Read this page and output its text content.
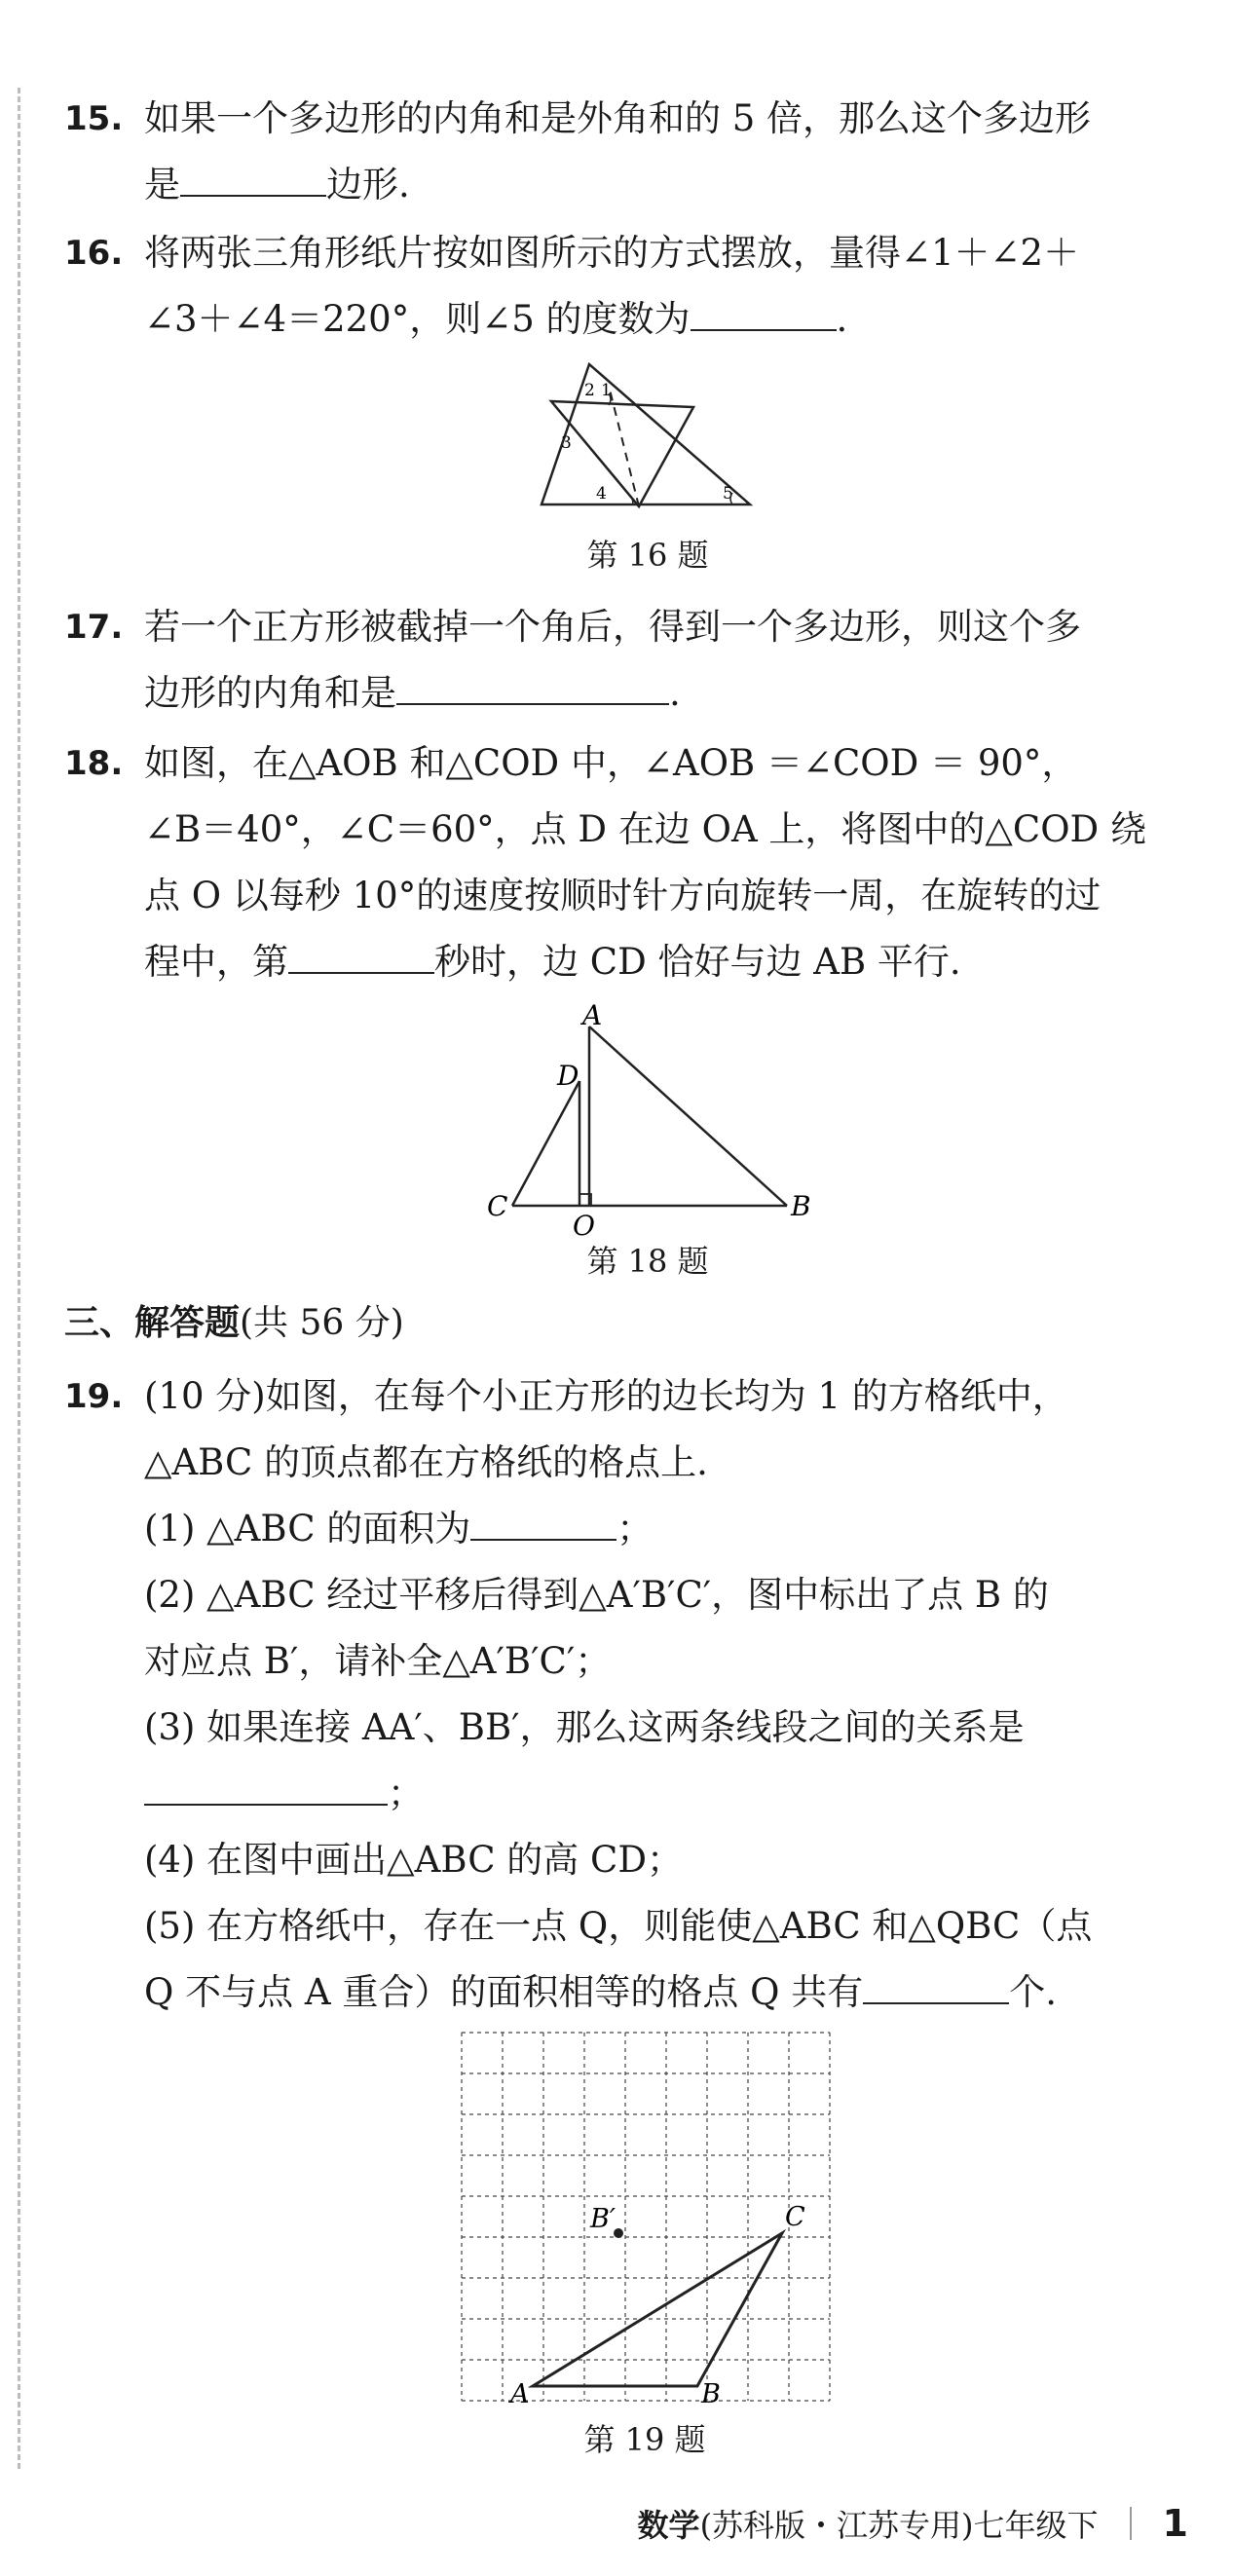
15. 如果一个多边形的内角和是外角和的 5 倍，那么这个多边形

是	边形.

16. 将两张三角形纸片按如图所示的方式摆放，量得∠1＋∠2＋

∠3＋∠4＝220°，则∠5 的度数为	.

2 1
3
4	5
第 16 题
17. 若一个正方形被截掉一个角后，得到一个多边形，则这个多

边形的内角和是	.

18. 如图，在△AOB 和△COD 中，∠AOB ＝∠COD ＝ 90°，

∠B＝40°，∠C＝60°，点 D 在边 OA 上，将图中的△COD 绕

点 O 以每秒 10°的速度按顺时针方向旋转一周，在旋转的过

程中，第	秒时，边 CD 恰好与边 AB 平行.

A
D
C
O
B
第 18 题
三、解答题(共 56 分)
19. (10 分)如图，在每个小正方形的边长均为 1 的方格纸中，

△ABC 的顶点都在方格纸的格点上.

(1) △ABC 的面积为	；

(2) △ABC 经过平移后得到△A′B′C′，图中标出了点 B 的

对应点 B′，请补全△A′B′C′；

(3) 如果连接 AA′、BB′，那么这两条线段之间的关系是

；

(4) 在图中画出△ABC 的高 CD；

(5) 在方格纸中，存在一点 Q，则能使△ABC 和△QBC（点

Q 不与点 A 重合）的面积相等的格点 Q 共有	个.

A	B
C
B′
第 19 题
数学(苏科版・江苏专用)七年级下 1
